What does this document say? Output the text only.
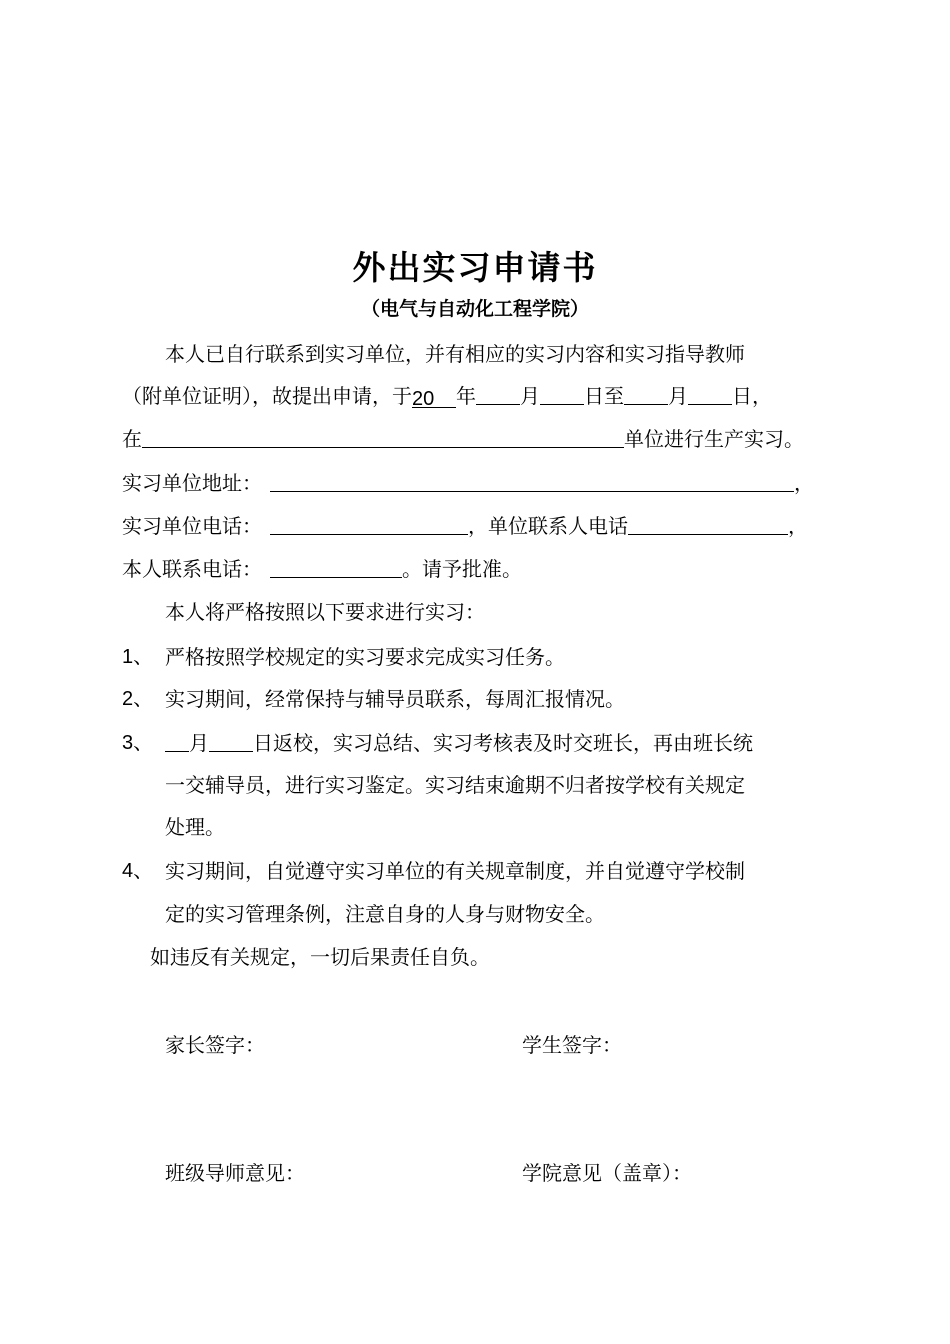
外出实习申请书
（电气与自动化工程学院）
本人已自行联系到实习单位，并有相应的实习内容和实习指导教师
（附单位证明），故提出申请，于20 年 月 日至 月 日，
在	单位进行生产实习。
实习单位地址：	，
实习单位电话：	，单位联系人电话	，
本人联系电话：	。请予批准。
本人将严格按照以下要求进行实习：
1、 严格按照学校规定的实习要求完成实习任务。
2、 实习期间，经常保持与辅导员联系，每周汇报情况。
3、	月 日返校，实习总结、实习考核表及时交班长，再由班长统
一交辅导员，进行实习鉴定。实习结束逾期不归者按学校有关规定
处理。
4、 实习期间，自觉遵守实习单位的有关规章制度，并自觉遵守学校制
定的实习管理条例，注意自身的人身与财物安全。
如违反有关规定，一切后果责任自负。
家长签字：	学生签字：
班级导师意见：	学院意见（盖章）：
